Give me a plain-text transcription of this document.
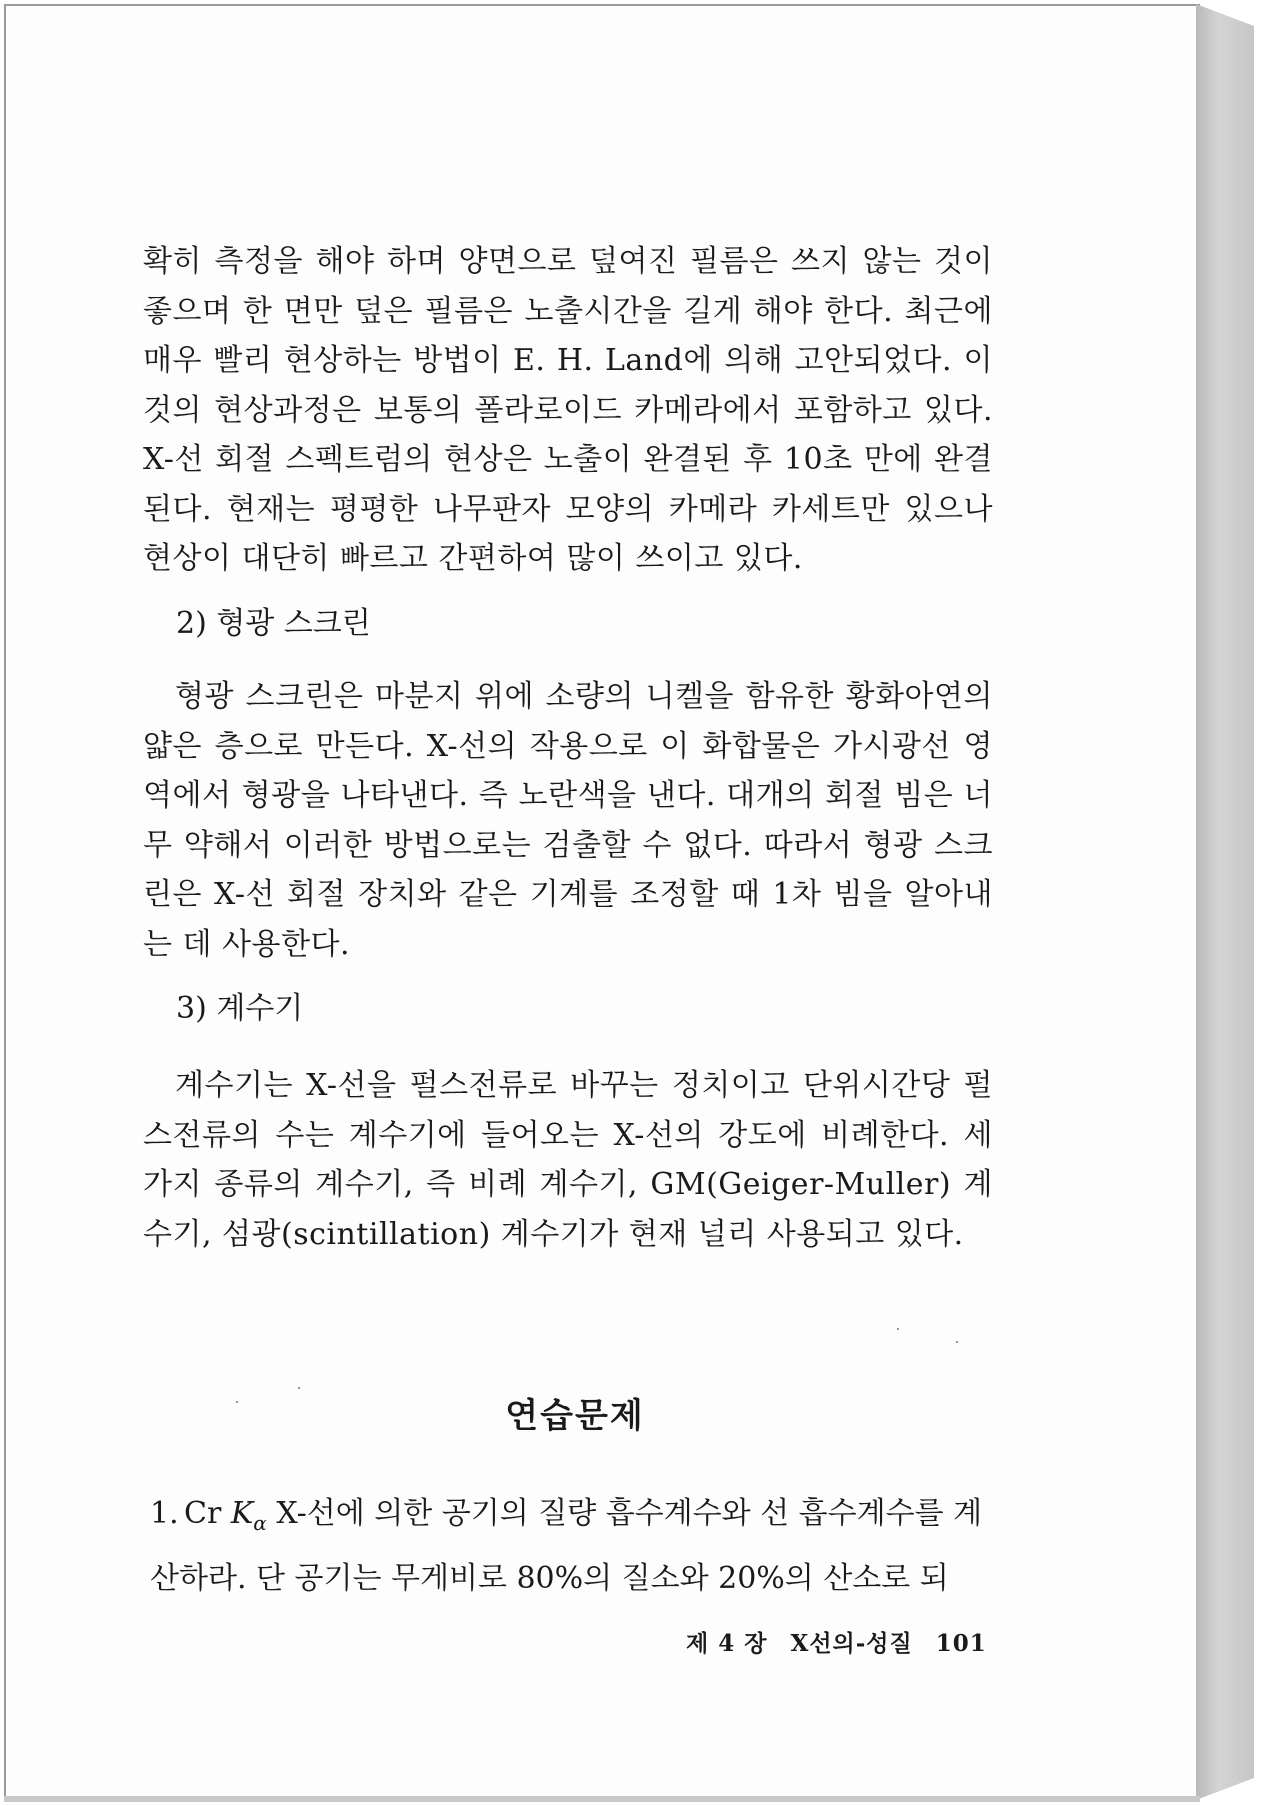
확히 측정을 해야 하며 양면으로 덮여진 필름은 쓰지 않는 것이 좋으며 한 면만 덮은 필름은 노출시간을 길게 해야 한다. 최근에 매우 빨리 현상하는 방법이 E. H. Land에 의해 고안되었다. 이것의 현상과정은 보통의 폴라로이드 카메라에서 포함하고 있다. X-선 회절 스펙트럼의 현상은 노출이 완결된 후 10초 만에 완결된다. 현재는 평평한 나무판자 모양의 카메라 카세트만 있으나 현상이 대단히 빠르고 간편하여 많이 쓰이고 있다.

2) 형광 스크린

형광 스크린은 마분지 위에 소량의 니켈을 함유한 황화아연의 얇은 층으로 만든다. X-선의 작용으로 이 화합물은 가시광선 영역에서 형광을 나타낸다. 즉 노란색을 낸다. 대개의 회절 빔은 너무 약해서 이러한 방법으로는 검출할 수 없다. 따라서 형광 스크린은 X-선 회절 장치와 같은 기계를 조정할 때 1차 빔을 알아내는 데 사용한다.

3) 계수기

계수기는 X-선을 펄스전류로 바꾸는 정치이고 단위시간당 펄스전류의 수는 계수기에 들어오는 X-선의 강도에 비례한다. 세 가지 종류의 계수기, 즉 비례 계수기, GM(Geiger-Muller) 계수기, 섬광(scintillation) 계수기가 현재 널리 사용되고 있다.

연습문제

1. Cr $K_\alpha$ X-선에 의한 공기의 질량 흡수계수와 선 흡수계수를 계산하라. 단 공기는 무게비로 80%의 질소와 20%의 산소로 되

제 4 장 X선의-성질 101
